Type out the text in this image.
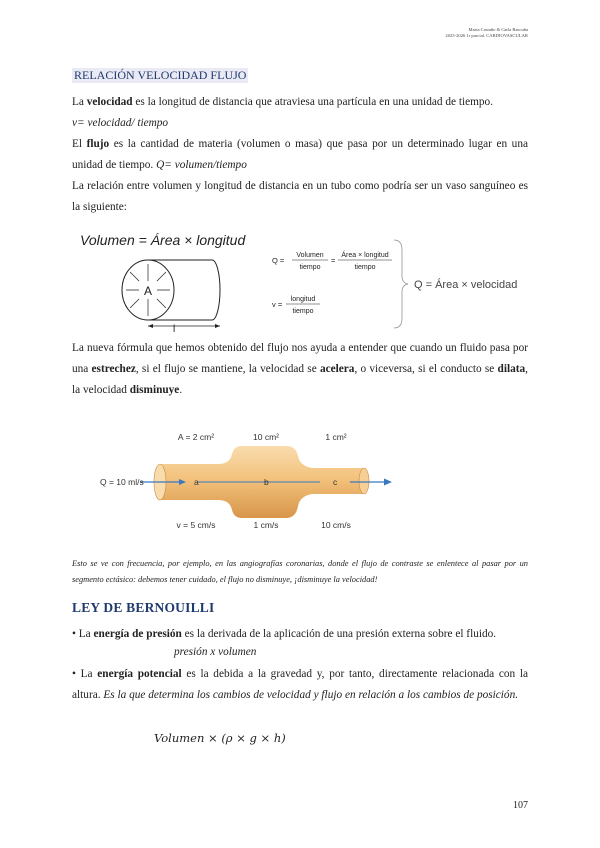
Maria Castaño & Carla Bascuña
2025-2026 1r parcial. CARDIOVASCULAR
RELACIÓN VELOCIDAD FLUJO

La velocidad es la longitud de distancia que atraviesa una partícula en una unidad de tiempo.
v= velocidad/ tiempo

El flujo es la cantidad de materia (volumen o masa) que pasa por un determinado lugar en una unidad de tiempo. Q= volumen/tiempo

La relación entre volumen y longitud de distancia en un tubo como podría ser un vaso sanguíneo es la siguiente:

Volumen = Área × longitud
A
l
Q =
Volumen
tiempo
=
Área × longitud
tiempo
v =
longitud
tiempo
Q = Área × velocidad

La nueva fórmula que hemos obtenido del flujo nos ayuda a entender que cuando un fluido pasa por una estrechez, si el flujo se mantiene, la velocidad se acelera, o viceversa, si el conducto se dilata, la velocidad disminuye.

A = 2 cm²	10 cm²	1 cm²
Q = 10 ml/s	a	b	c
v = 5 cm/s	1 cm/s	10 cm/s
Esto se ve con frecuencia, por ejemplo, en las angiografías coronarias, donde el flujo de contraste se enlentece al pasar por un segmento ectásico: debemos tener cuidado, el flujo no disminuye, ¡disminuye la velocidad!
LEY DE BERNOUILLI

• La energía de presión es la derivada de la aplicación de una presión externa sobre el fluido.

presión x volumen

• La energía potencial es la debida a la gravedad y, por tanto, directamente relacionada con la altura. Es la que determina los cambios de velocidad y flujo en relación a los cambios de posición.

Volumen × (ρ × g × h)
107
